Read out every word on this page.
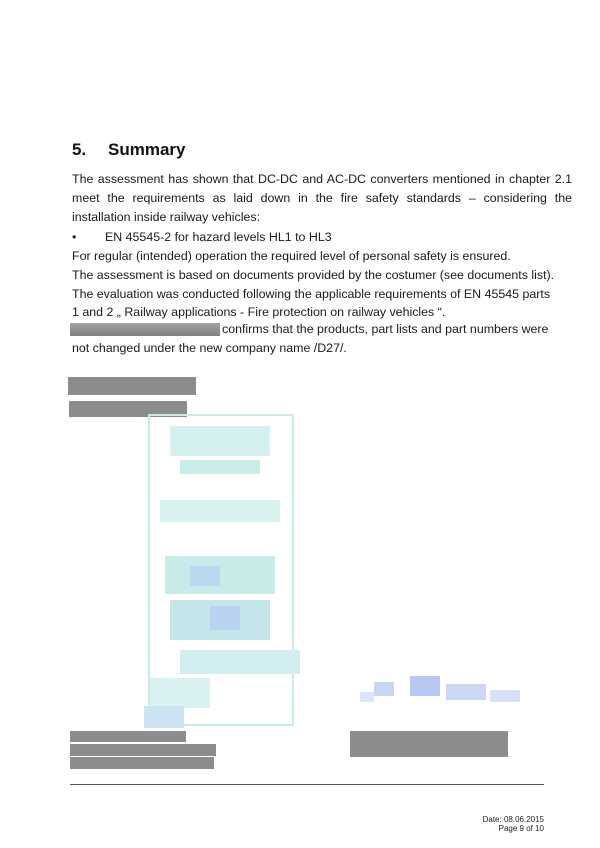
5. Summary
The assessment has shown that DC-DC and AC-DC converters mentioned in chapter 2.1 meet the requirements as laid down in the fire safety standards – considering the installation inside railway vehicles:
• EN 45545-2 for hazard levels HL1 to HL3
For regular (intended) operation the required level of personal safety is ensured.
The assessment is based on documents provided by the costumer (see documents list).
The evaluation was conducted following the applicable requirements of EN 45545 parts
1 and 2 „ Railway applications - Fire protection on railway vehicles “.
confirms that the products, part lists and part numbers were
not changed under the new company name /D27/.
Date: 08.06.2015
Page 9 of 10
